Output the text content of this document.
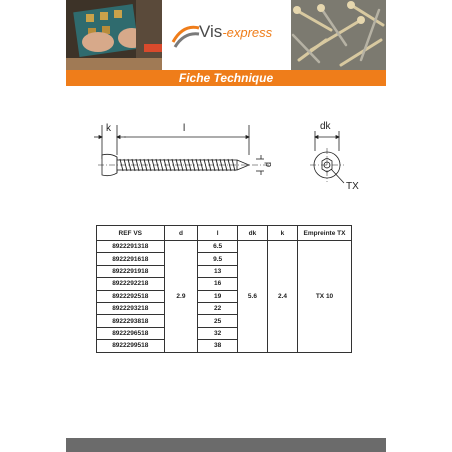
Vis-express
Fiche Technique
k	l
d
dk
TX
REF VS	d	l	dk	k	Empreinte TX
8922291318	2.9	6.5	5.6	2.4	TX 10
8922291618		9.5			
8922291918		13			
8922292218		16			
8922292518		19			
8922293218		22			
8922293818		25			
8922296518		32			
8922299518		38			
